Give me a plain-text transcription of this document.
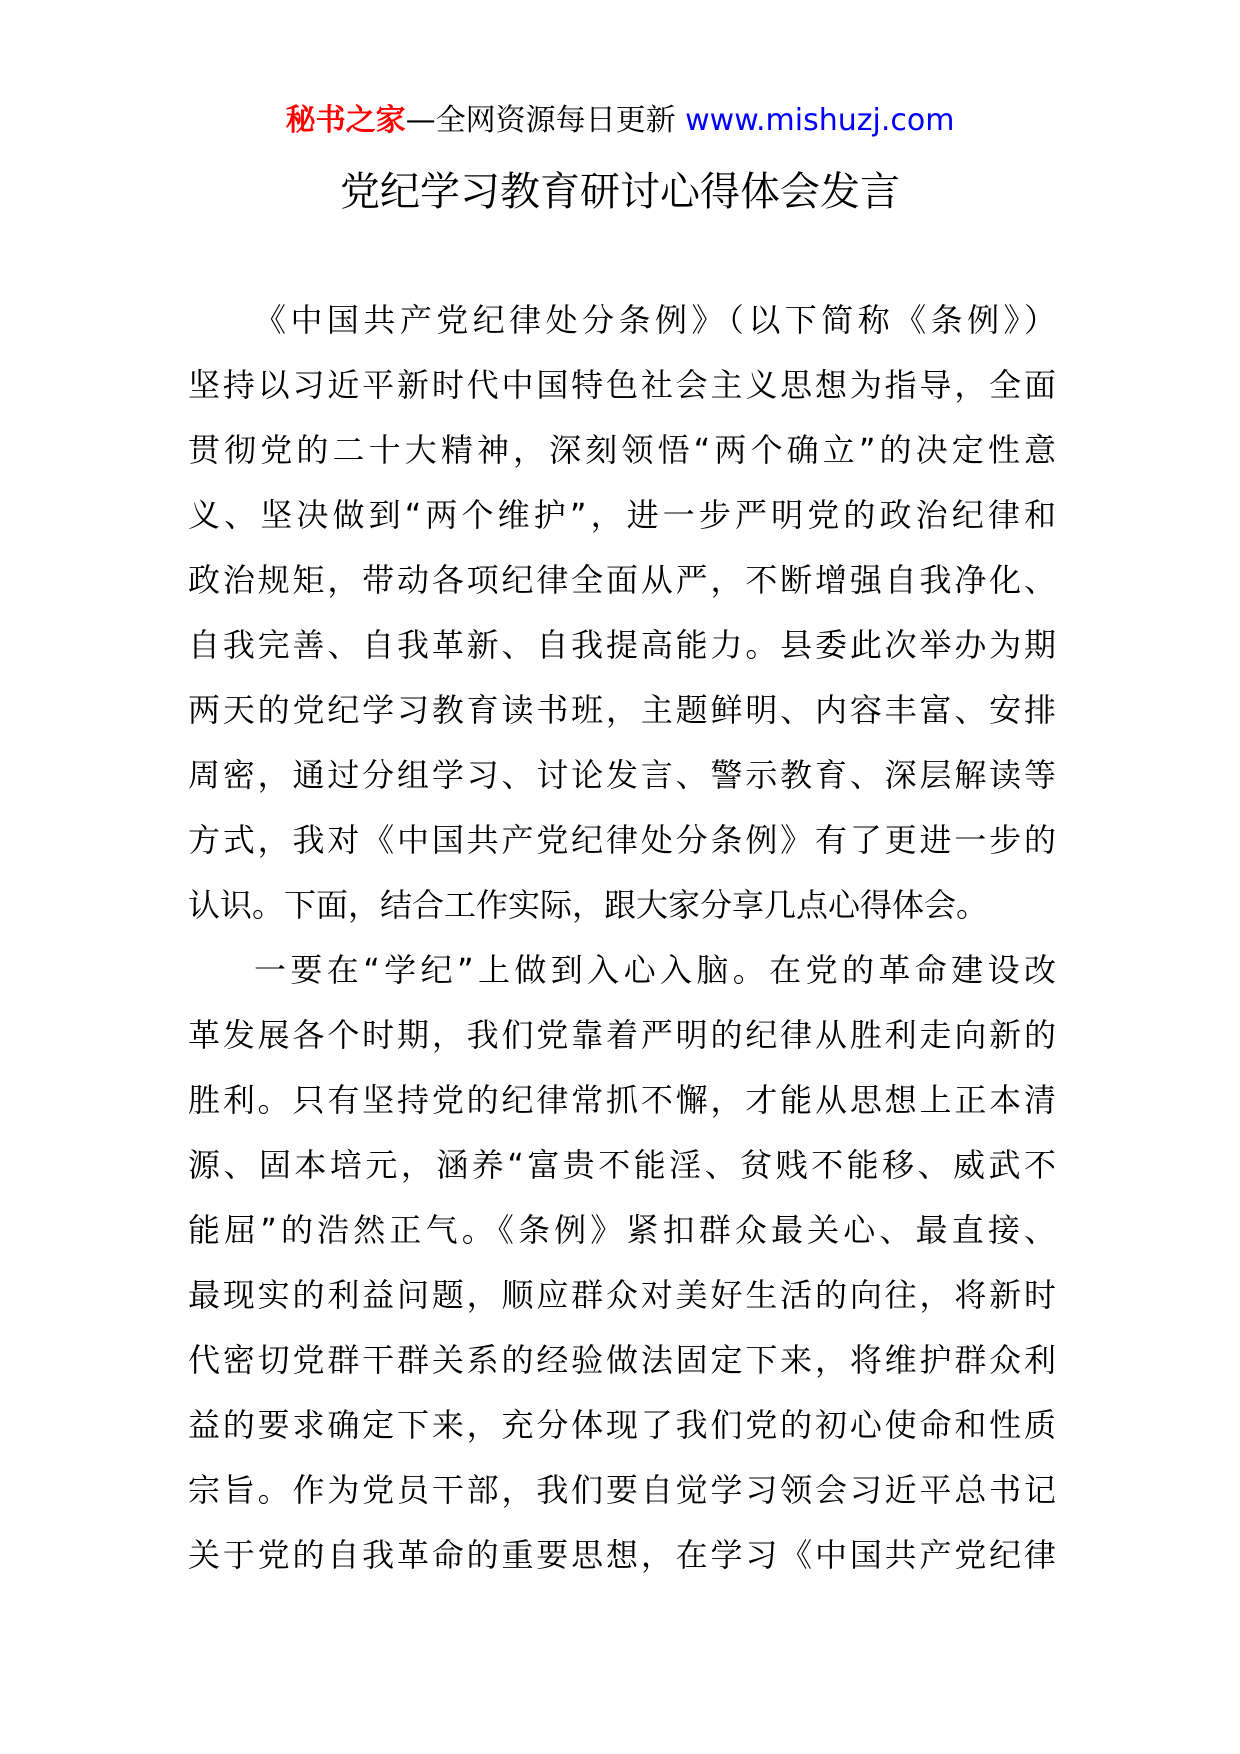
秘书之家—全网资源每日更新 www.mishuzj.com
党纪学习教育研讨心得体会发言
《中国共产党纪律处分条例》（以下简称《条例》）
坚持以习近平新时代中国特色社会主义思想为指导，全面
贯彻党的二十大精神，深刻领悟“两个确立”的决定性意
义、坚决做到“两个维护”，进一步严明党的政治纪律和
政治规矩，带动各项纪律全面从严，不断增强自我净化、
自我完善、自我革新、自我提高能力。县委此次举办为期
两天的党纪学习教育读书班，主题鲜明、内容丰富、安排
周密，通过分组学习、讨论发言、警示教育、深层解读等
方式，我对《中国共产党纪律处分条例》有了更进一步的
认识。下面，结合工作实际，跟大家分享几点心得体会。
一要在“学纪”上做到入心入脑。在党的革命建设改
革发展各个时期，我们党靠着严明的纪律从胜利走向新的
胜利。只有坚持党的纪律常抓不懈，才能从思想上正本清
源、固本培元，涵养“富贵不能淫、贫贱不能移、威武不
能屈”的浩然正气。《条例》紧扣群众最关心、最直接、
最现实的利益问题，顺应群众对美好生活的向往，将新时
代密切党群干群关系的经验做法固定下来，将维护群众利
益的要求确定下来，充分体现了我们党的初心使命和性质
宗旨。作为党员干部，我们要自觉学习领会习近平总书记
关于党的自我革命的重要思想，在学习《中国共产党纪律
